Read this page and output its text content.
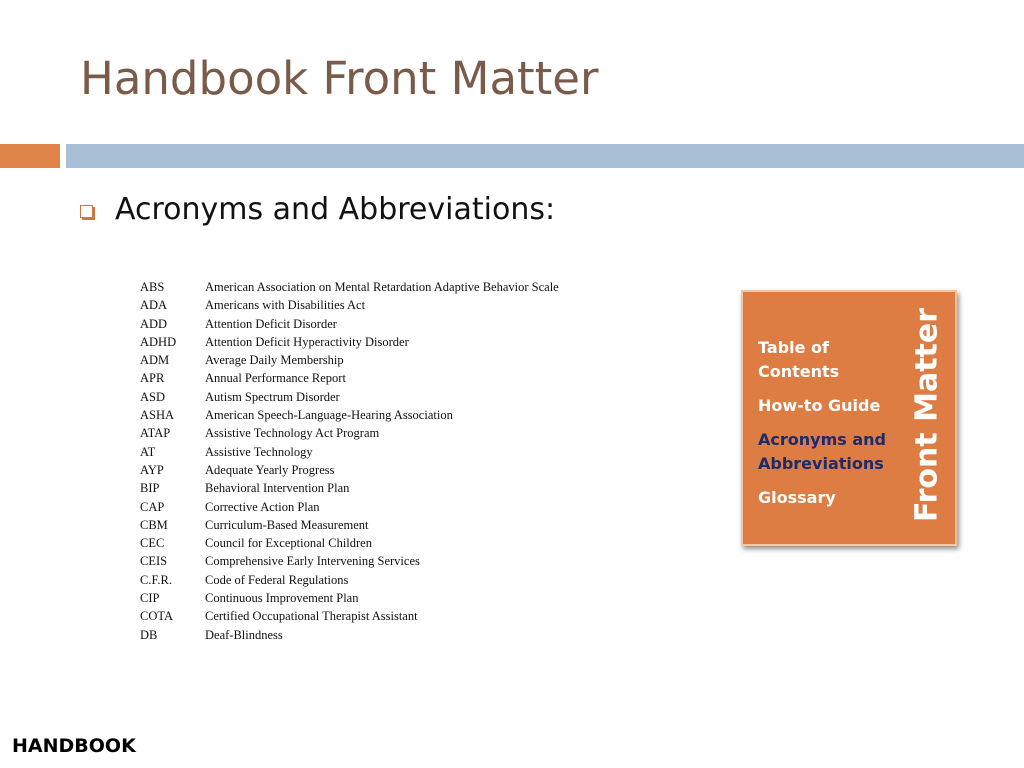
Handbook Front Matter
Acronyms and Abbreviations:
ABS	American Association on Mental Retardation Adaptive Behavior Scale
ADA	Americans with Disabilities Act
ADD	Attention Deficit Disorder
ADHD	Attention Deficit Hyperactivity Disorder
ADM	Average Daily Membership
APR	Annual Performance Report
ASD	Autism Spectrum Disorder
ASHA	American Speech-Language-Hearing Association
ATAP	Assistive Technology Act Program
AT	Assistive Technology
AYP	Adequate Yearly Progress
BIP	Behavioral Intervention Plan
CAP	Corrective Action Plan
CBM	Curriculum-Based Measurement
CEC	Council for Exceptional Children
CEIS	Comprehensive Early Intervening Services
C.F.R.	Code of Federal Regulations
CIP	Continuous Improvement Plan
COTA	Certified Occupational Therapist Assistant
DB	Deaf-Blindness
Table of Contents
How-to Guide
Acronyms and Abbreviations
Glossary	Front Matter
HANDBOOK
